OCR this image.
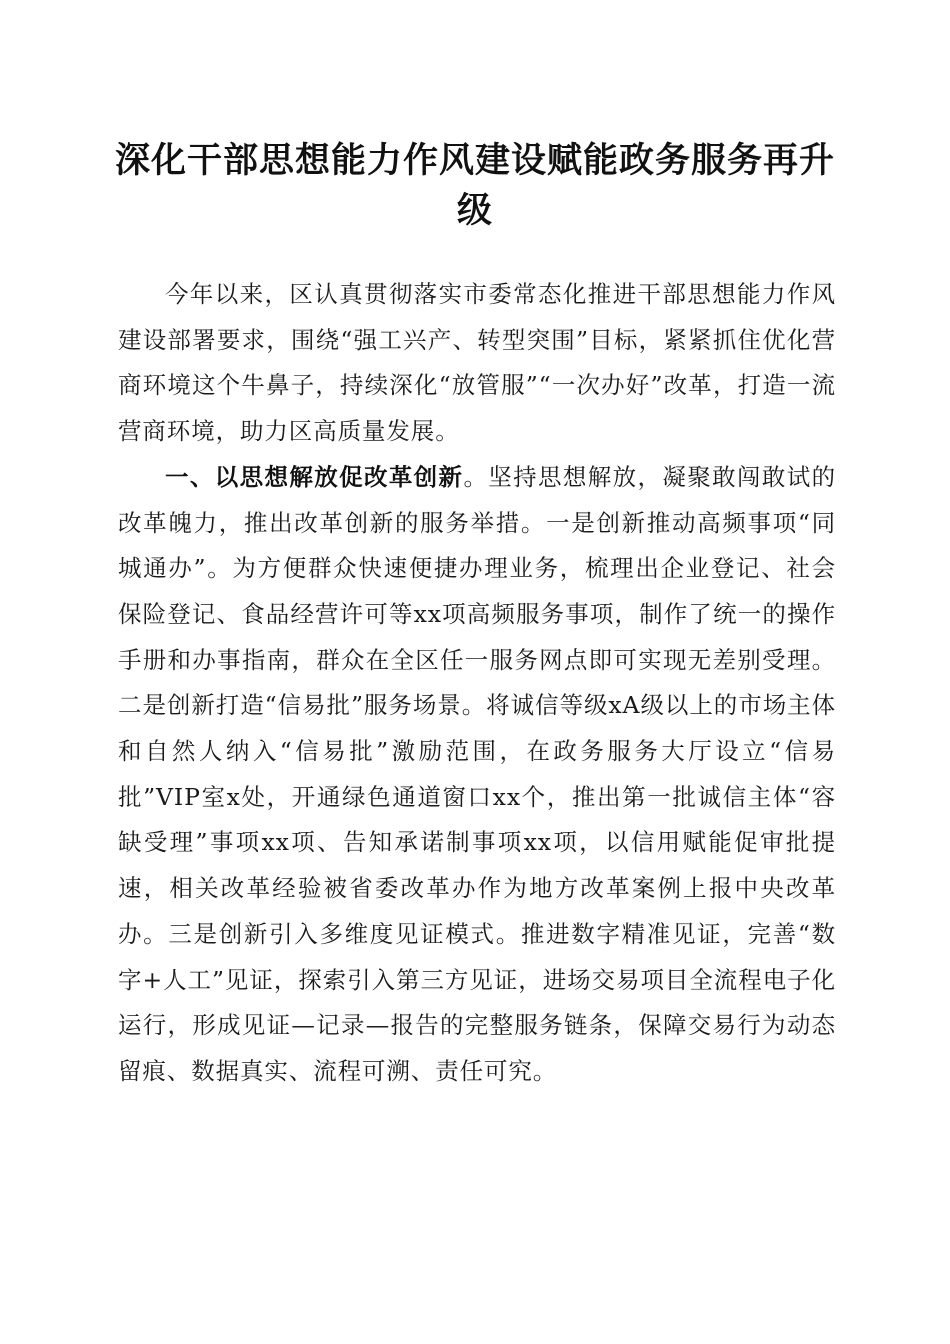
深化干部思想能力作风建设赋能政务服务再升级

今年以来，区认真贯彻落实市委常态化推进干部思想能力作风建设部署要求，围绕“强工兴产、转型突围”目标，紧紧抓住优化营商环境这个牛鼻子，持续深化“放管服”“一次办好”改革，打造一流营商环境，助力区高质量发展。

一、以思想解放促改革创新。坚持思想解放，凝聚敢闯敢试的改革魄力，推出改革创新的服务举措。一是创新推动高频事项“同城通办”。为方便群众快速便捷办理业务，梳理出企业登记、社会保险登记、食品经营许可等xx项高频服务事项，制作了统一的操作手册和办事指南，群众在全区任一服务网点即可实现无差别受理。二是创新打造“信易批”服务场景。将诚信等级xA级以上的市场主体和自然人纳入“信易批”激励范围，在政务服务大厅设立“信易批”VIP室x处，开通绿色通道窗口xx个，推出第一批诚信主体“容缺受理”事项xx项、告知承诺制事项xx项，以信用赋能促审批提速，相关改革经验被省委改革办作为地方改革案例上报中央改革办。三是创新引入多维度见证模式。推进数字精准见证，完善“数字+人工”见证，探索引入第三方见证，进场交易项目全流程电子化运行，形成见证—记录—报告的完整服务链条，保障交易行为动态留痕、数据真实、流程可溯、责任可究。
